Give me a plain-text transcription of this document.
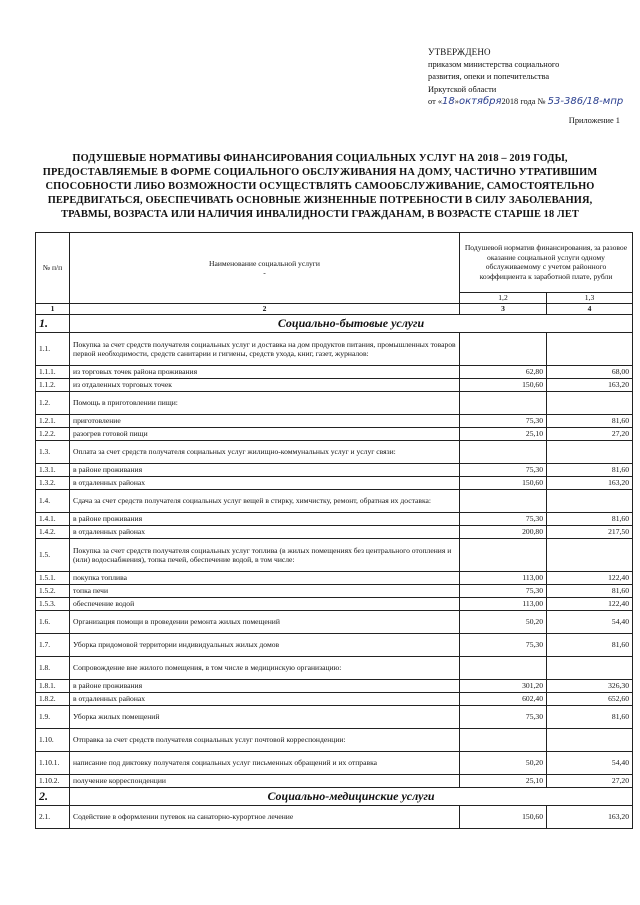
УТВЕРЖДЕНО
приказом министерства социального
развития, опеки и попечительства
Иркутской области
от «18»октября2018 года № 53-386/18-мпр
Приложение 1
ПОДУШЕВЫЕ НОРМАТИВЫ ФИНАНСИРОВАНИЯ СОЦИАЛЬНЫХ УСЛУГ НА 2018 – 2019 ГОДЫ, ПРЕДОСТАВЛЯЕМЫЕ В ФОРМЕ СОЦИАЛЬНОГО ОБСЛУЖИВАНИЯ НА ДОМУ, ЧАСТИЧНО УТРАТИВШИМ СПОСОБНОСТИ ЛИБО ВОЗМОЖНОСТИ ОСУЩЕСТВЛЯТЬ САМООБСЛУЖИВАНИЕ, САМОСТОЯТЕЛЬНО ПЕРЕДВИГАТЬСЯ, ОБЕСПЕЧИВАТЬ ОСНОВНЫЕ ЖИЗНЕННЫЕ ПОТРЕБНОСТИ В СИЛУ ЗАБОЛЕВАНИЯ, ТРАВМЫ, ВОЗРАСТА ИЛИ НАЛИЧИЯ ИНВАЛИДНОСТИ ГРАЖДАНАМ, В ВОЗРАСТЕ СТАРШЕ 18 ЛЕТ
№ п/п	Наименование социальной услуги
-	Подушевой норматив финансирования, за разовое оказание социальной услуги одному обслуживаемому с учетом районного коэффициента к заработной плате, рубли	
		1,2	1,3
1	2	3	4
1.	Социально-бытовые услуги		
1.1.	Покупка за счет средств получателя социальных услуг и доставка на дом продуктов питания, промышленных товаров первой необходимости, средств санитарии и гигиены, средств ухода, книг, газет, журналов:		
1.1.1.	из торговых точек района проживания	62,80	68,00
1.1.2.	из отдаленных торговых точек	150,60	163,20
1.2.	Помощь в приготовлении пищи:		
1.2.1.	приготовление	75,30	81,60
1.2.2.	разогрев готовой пищи	25,10	27,20
1.3.	Оплата за счет средств получателя социальных услуг жилищно-коммунальных услуг и услуг связи:		
1.3.1.	в районе проживания	75,30	81,60
1.3.2.	в отдаленных районах	150,60	163,20
1.4.	Сдача за счет средств получателя социальных услуг вещей в стирку, химчистку, ремонт, обратная их доставка:		
1.4.1.	в районе проживания	75,30	81,60
1.4.2.	в отдаленных районах	200,80	217,50
1.5.	Покупка за счет средств получателя социальных услуг топлива (в жилых помещениях без центрального отопления и (или) водоснабжения), топка печей, обеспечение водой, в том числе:		
1.5.1.	покупка топлива	113,00	122,40
1.5.2.	топка печи	75,30	81,60
1.5.3.	обеспечение водой	113,00	122,40
1.6.	Организация помощи в проведении ремонта жилых помещений	50,20	54,40
1.7.	Уборка придомовой территории индивидуальных жилых домов	75,30	81,60
1.8.	Сопровождение вне жилого помещения, в том числе в медицинскую организацию:		
1.8.1.	в районе проживания	301,20	326,30
1.8.2.	в отдаленных районах	602,40	652,60
1.9.	Уборка жилых помещений	75,30	81,60
1.10.	Отправка за счет средств получателя социальных услуг почтовой корреспонденции:		
1.10.1.	написание под диктовку получателя социальных услуг письменных обращений и их отправка	50,20	54,40
1.10.2.	получение корреспонденции	25,10	27,20
2.	Социально-медицинские услуги		
2.1.	Содействие в оформлении путевок на санаторно-курортное лечение	150,60	163,20
